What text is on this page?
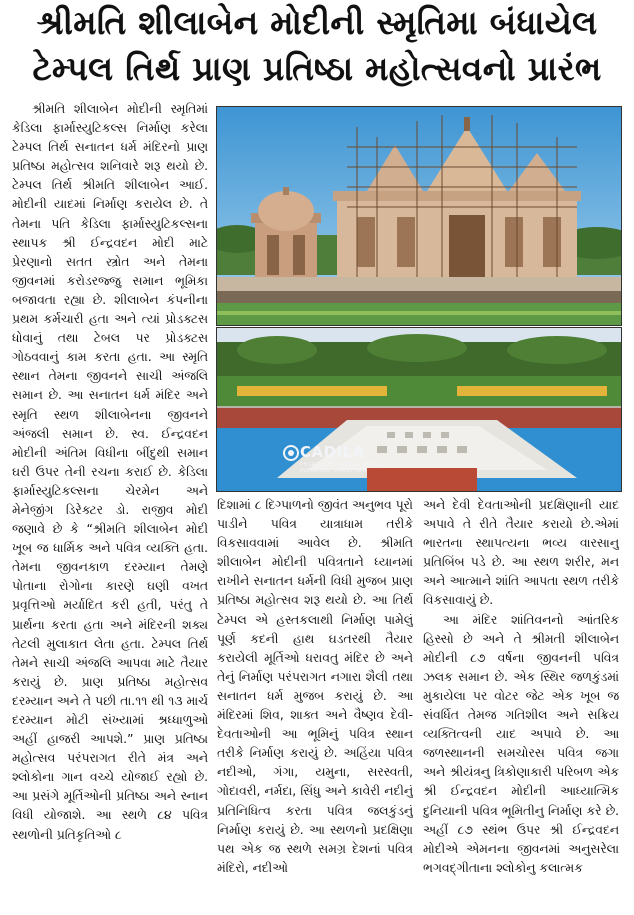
શ્રીમતિ શીલાબેન મોદીની સ્મૃતિમા બંધાયેલ
ટેમ્પલ તિર્થ પ્રાણ પ્રતિષ્ઠા મહોત્સવનો પ્રારંભ

શ્રીમતિ શીલાબેન મોદીની સ્મૃતિમાં કેડિલા ફાર્માસ્યુટિકલ્સ નિર્માણ કરેલા ટેમ્પલ તિર્થ સનાતન ધર્મ મંદિરનો પ્રાણ પ્રતિષ્ઠા મહોત્સવ શનિવારે શરૂ થયો છે. ટેમ્પલ તિર્થ શ્રીમતિ શીલાબેન આઈ. મોદીની યાદમાં નિર્માણ કરાયેલ છે. તે તેમના પતિ કેડિલા ફાર્માસ્યુટિકલ્સના સ્થાપક શ્રી ઈન્દ્રવદન મોદી માટે પ્રેરણાનો સતત સ્ત્રોત અને તેમના જીવનમાં કરોડરજ્જુ સમાન ભૂમિકા બજાવતા રહ્યા છે. શીલાબેન કંપનીના પ્રથમ કર્મચારી હતા અને ત્યાં પ્રોડક્ટસ ધોવાનું તથા ટેબલ પર પ્રોડક્ટસ ગોઠવવાનું કામ કરતા હતા. આ સ્મૃતિ સ્થાન તેમના જીવનને સાચી અંજલિ સમાન છે. આ સનાતન ધર્મ મંદિર અને સ્મૃતિ સ્થળ શીલાબેનના જીવનને અંજલી સમાન છે. સ્વ. ઈન્દ્રવદન મોદીની અંતિમ વિધીના બીંદુથી સમાન ઘરી ઉપર તેની રચના કરાઈ છે. કેડિલા ફાર્માસ્યુટિકલ્સના ચેરમેન અને મેનેજીંગ ડિરેક્ટર ડો. રાજીવ મોદી જણાવે છે કે “શ્રીમતિ શીલાબેન મોદી ખૂબ જ ધાર્મિક અને પવિત્ર વ્યક્તિ હતા. તેમના જીવનકાળ દરમ્યાન તેમણે પોતાના રોગોના કારણે ઘણી વખત પ્રવૃત્તિઓ મર્યાદિત કરી હતી, પરંતુ તે પ્રાર્થના કરતા હતા અને મંદિરની શક્ય તેટલી મુલાકાત લેતા હતા. ટેમ્પલ તિર્થ તેમને સાચી અંજલિ આપવા માટે તૈયાર કરાયું છે. પ્રાણ પ્રતિષ્ઠા મહોત્સવ દરમ્યાન અને તે પછી તા.૧૧ થી ૧૩ માર્ચ દરમ્યાન મોટી સંખ્યામાં શ્રધ્ધાળુઓ અહીં હાજરી આપશે.” પ્રાણ પ્રતિષ્ઠા મહોત્સવ પરંપરાગત રીતે મંત્ર અને શ્લોકોના ગાન વચ્ચે યોજાઈ રહ્યો છે. આ પ્રસંગે મૂર્તિઓની પ્રતિષ્ઠા અને સ્નાન વિધી યોજાશે. આ સ્થળે ૮૪ પવિત્ર સ્થળોની પ્રતિકૃતિઓ ૮

CADILA
PHARMACEUTICALS LIMITED
INDRASHIL SHANTIVAN

દિશામાં ૮ દિગ્પાળનો જીવંત અનુભવ પૂરો પાડીને પવિત્ર યાત્રાધામ તરીકે વિકસાવવામાં આવેલ છે. શ્રીમતિ શીલાબેન મોદીની પવિત્રતાને ધ્યાનમાં રાખીને સનાતન ધર્મની વિધી મુજબ પ્રાણ પ્રતિષ્ઠા મહોત્સવ શરૂ થયો છે. આ તિર્થ ટેમ્પલ એ હસ્તકલાથી નિર્માણ પામેલું પૂર્ણ કદની હાથ ઘડતરથી તૈયાર કરાયેલી મૂર્તિઓ ધરાવતુ મંદિર છે અને તેનું નિર્માણ પરંપરાગત નગારા શૈલી તથા સનાતન ધર્મ મુજબ કરાયું છે. આ મંદિરમાં શિવ, શાક્ત અને વૈષ્ણવ દેવી-દેવતાઓની આ ભૂમિનું પવિત્ર સ્થાન તરીકે નિર્માણ કરાયું છે. અહિંયા પવિત્ર નદીઓ, ગંગા, યમુના, સરસ્વતી, ગોદાવરી, નર્મદા, સિંધુ અને કાવેરી નદીનું પ્રતિનિધિત્વ કરતા પવિત્ર જલકુંડનું નિર્માણ કરાયું છે. આ સ્થળનો પ્રદક્ષિણા પથ એક જ સ્થળે સમગ્ર દેશનાં પવિત્ર મંદિરો, નદીઓ

અને દેવી દેવતાઓની પ્રદક્ષિણાની યાદ અપાવે તે રીતે તૈયાર કરાયો છે.એમાં ભારતના સ્થાપત્યના ભવ્ય વારસાનુ પ્રતિબિંબ પડે છે. આ સ્થળ શરીર, મન અને આત્માને શાંતિ આપતા સ્થળ તરીકે વિકસાવાયું છે.

આ મંદિર શાંતિવનનો આંતરિક હિસ્સો છે અને તે શ્રીમતી શીલાબેન મોદીની ૮૭ વર્ષના જીવનની પવિત્ર ઝલક સમાન છે. એક સ્થિર જળકુંડમાં મુકાયેલા પર વોટર જેટ એક ખૂબ જ સંવર્ધિત તેમજ ગતિશીલ અને સક્રિય વ્યક્તિત્વની યાદ અપાવે છે. આ જળસ્થાનની સમચોરસ પવિત્ર જગા અને શ્રીયંત્રનુ ત્રિકોણાકારી પરિબળ એક શ્રી ઈન્દ્રવદન મોદીની આધ્યાત્મિક દુનિયાની પવિત્ર ભૂમિતીનુ નિર્માણ કરે છે. અહીં ૮૭ સ્થંભ ઉપર શ્રી ઈન્દ્રવદન મોદીએ એમનના જીવનમાં અનુસરેલા ભગવદ્‌ગીતાના શ્લોકોનુ કલાત્મક
